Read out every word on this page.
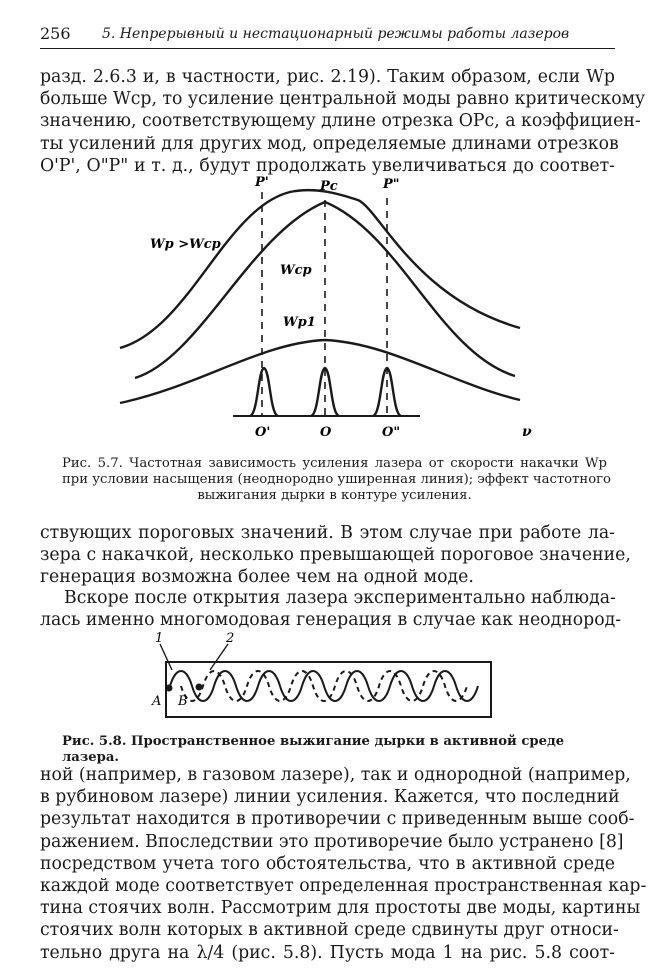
256 5. Непрерывный и нестационарный режимы работы лазеров

разд. 2.6.3 и, в частности, рис. 2.19). Таким образом, если Wp
больше Wср, то усиление центральной моды равно критическому
значению, соответствующему длине отрезка OPc, а коэффициен-
ты усилений для других мод, определяемые длинами отрезков
O'P', O"P" и т. д., будут продолжать увеличиваться до соответ-

P'	Pc	P"
Wp >Wcp
Wcp
Wp1
O'	O	O"	ν
Рис. 5.7. Частотная зависимость усиления лазера от скорости накачки Wp
при условии насыщения (неоднородно уширенная линия); эффект частотного
выжигания дырки в контуре усиления.

ствующих пороговых значений. В этом случае при работе ла-
зера с накачкой, несколько превышающей пороговое значение,
генерация возможна более чем на одной моде.

Вскоре после открытия лазера экспериментально наблюда-
лась именно многомодовая генерация в случае как неоднород-

1	2
A B
Рис. 5.8. Пространственное выжигание дырки в активной среде лазера.

ной (например, в газовом лазере), так и однородной (например,
в рубиновом лазере) линии усиления. Кажется, что последний
результат находится в противоречии с приведенным выше сооб-
ражением. Впоследствии это противоречие было устранено [8]
посредством учета того обстоятельства, что в активной среде
каждой моде соответствует определенная пространственная кар-
тина стоячих волн. Рассмотрим для простоты две моды, картины
стоячих волн которых в активной среде сдвинуты друг относи-
тельно друга на λ/4 (рис. 5.8). Пусть мода 1 на рис. 5.8 соот-
